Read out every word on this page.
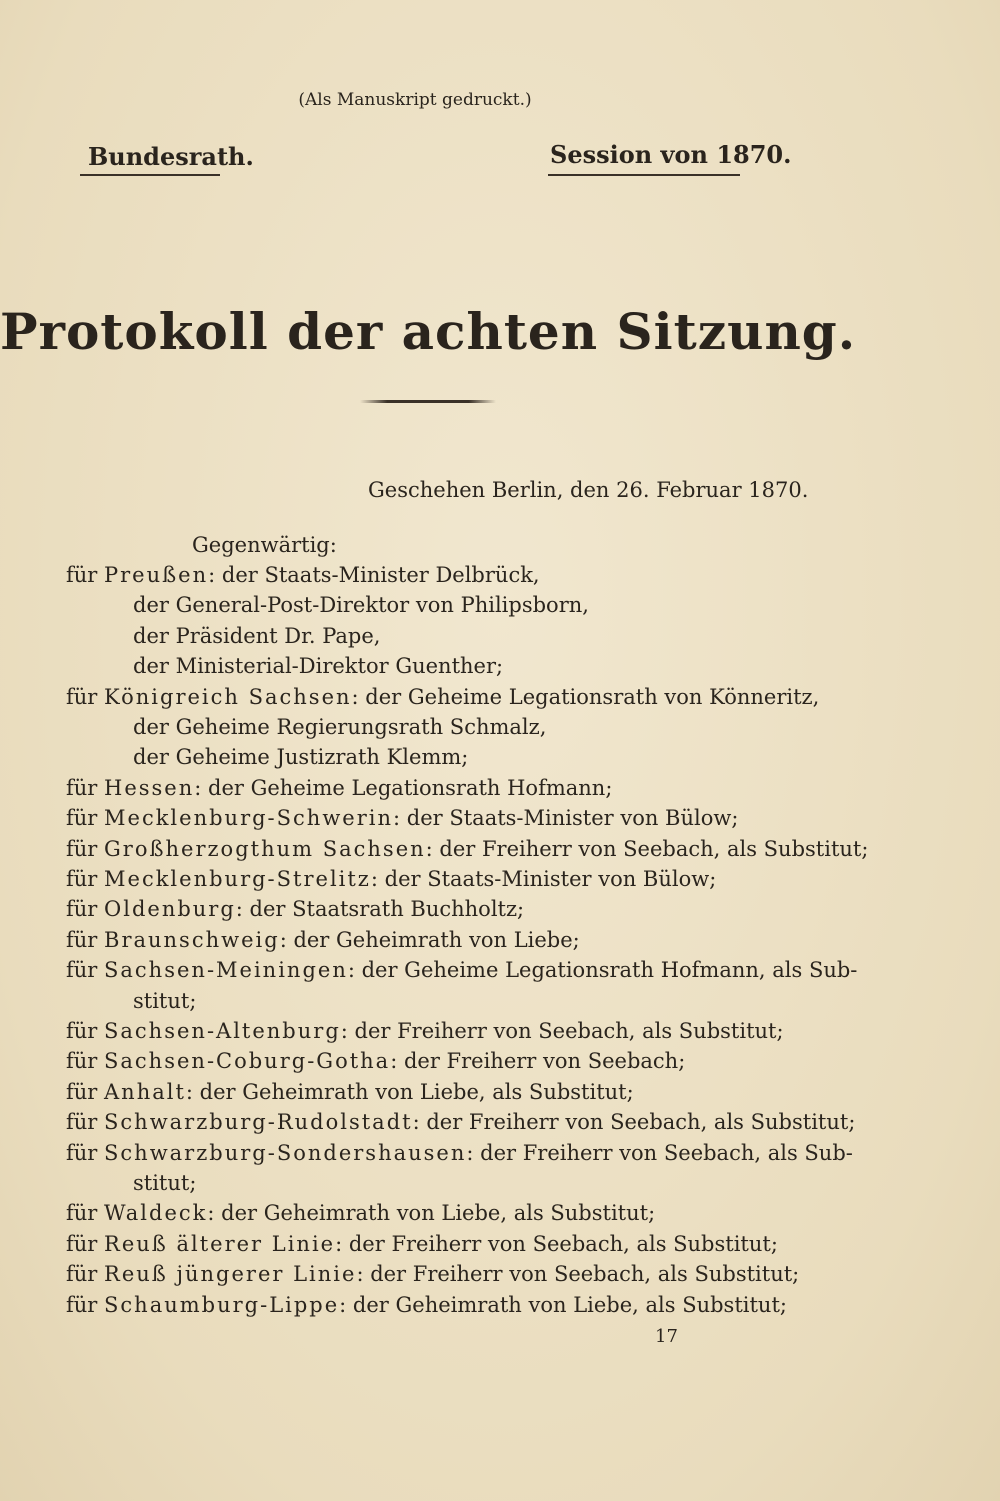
(Als Manuskript gedruckt.)
Bundesrath.	Session von 1870.
Protokoll der achten Sitzung.
Geschehen Berlin, den 26. Februar 1870.
Gegenwärtig:
für Preußen: der Staats-Minister Delbrück,
der General-Post-Direktor von Philipsborn,
der Präsident Dr. Pape,
der Ministerial-Direktor Guenther;
für Königreich Sachsen: der Geheime Legationsrath von Könneritz,
der Geheime Regierungsrath Schmalz,
der Geheime Justizrath Klemm;
für Hessen: der Geheime Legationsrath Hofmann;
für Mecklenburg-Schwerin: der Staats-Minister von Bülow;
für Großherzogthum Sachsen: der Freiherr von Seebach, als Substitut;
für Mecklenburg-Strelitz: der Staats-Minister von Bülow;
für Oldenburg: der Staatsrath Buchholtz;
für Braunschweig: der Geheimrath von Liebe;
für Sachsen-Meiningen: der Geheime Legationsrath Hofmann, als Sub-
stitut;
für Sachsen-Altenburg: der Freiherr von Seebach, als Substitut;
für Sachsen-Coburg-Gotha: der Freiherr von Seebach;
für Anhalt: der Geheimrath von Liebe, als Substitut;
für Schwarzburg-Rudolstadt: der Freiherr von Seebach, als Substitut;
für Schwarzburg-Sondershausen: der Freiherr von Seebach, als Sub-
stitut;
für Waldeck: der Geheimrath von Liebe, als Substitut;
für Reuß älterer Linie: der Freiherr von Seebach, als Substitut;
für Reuß jüngerer Linie: der Freiherr von Seebach, als Substitut;
für Schaumburg-Lippe: der Geheimrath von Liebe, als Substitut;
17
